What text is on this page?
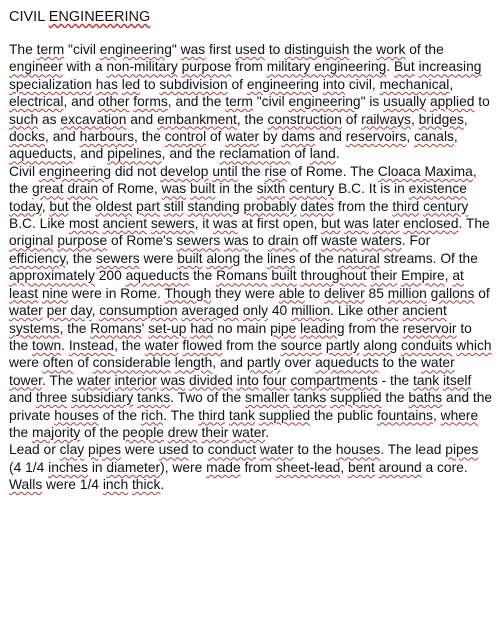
CIVIL ENGINEERING

The term "civil engineering" was first used to distinguish the work of the engineer with a non-military purpose from military engineering. But increasing specialization has led to subdivision of engineering into civil, mechanical, electrical, and other forms, and the term "civil engineering" is usually applied to such as excavation and embankment, the construction of railways, bridges, docks, and harbours, the control of water by dams and reservoirs, canals, aqueducts, and pipelines, and the reclamation of land.

Civil engineering did not develop until the rise of Rome. The Cloaca Maxima, the great drain of Rome, was built in the sixth century B.C. It is in existence today, but the oldest part still standing probably dates from the third century B.C. Like most ancient sewers, it was at first open, but was later enclosed. The original purpose of Rome's sewers was to drain off waste waters. For efficiency, the sewers were built along the lines of the natural streams. Of the approximately 200 aqueducts the Romans built throughout their Empire, at least nine were in Rome. Though they were able to deliver 85 million gallons of water per day, consumption averaged only 40 million. Like other ancient systems, the Romans' set-up had no main pipe leading from the reservoir to the town. Instead, the water flowed from the source partly along conduits which were often of considerable length, and partly over aqueducts to the water tower. The water interior was divided into four compartments - the tank itself and three subsidiary tanks. Two of the smaller tanks supplied the baths and the private houses of the rich. The third tank supplied the public fountains, where the majority of the people drew their water.

Lead or clay pipes were used to conduct water to the houses. The lead pipes (4 1/4 inches in diameter), were made from sheet-lead, bent around a core. Walls were 1/4 inch thick.
